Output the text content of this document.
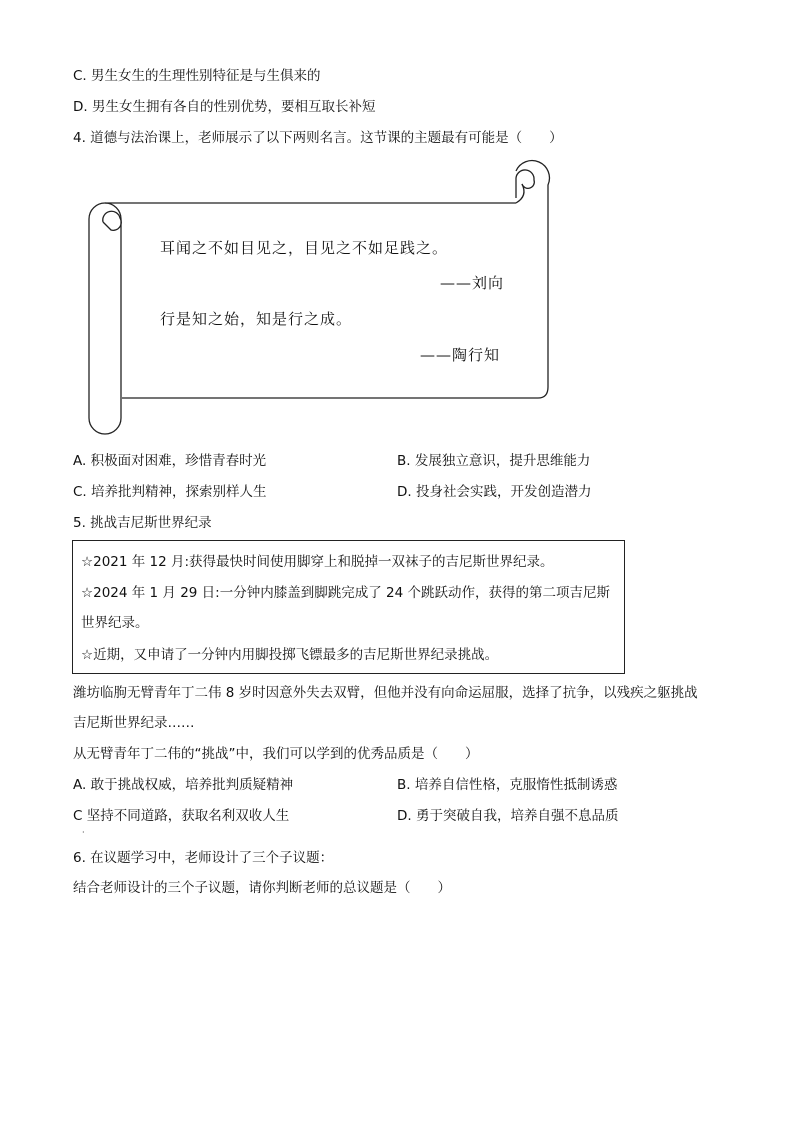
C. 男生女生的生理性别特征是与生俱来的
D. 男生女生拥有各自的性别优势，要相互取长补短
4. 道德与法治课上，老师展示了以下两则名言。这节课的主题最有可能是（　　）
耳闻之不如目见之，目见之不如足践之。
——刘向
行是知之始，知是行之成。
——陶行知
A. 积极面对困难，珍惜青春时光	B. 发展独立意识，提升思维能力
C. 培养批判精神，探索别样人生	D. 投身社会实践，开发创造潜力
5. 挑战吉尼斯世界纪录
☆2021 年 12 月:获得最快时间使用脚穿上和脱掉一双袜子的吉尼斯世界纪录。
☆2024 年 1 月 29 日:一分钟内膝盖到脚跳完成了 24 个跳跃动作，获得的第二项吉尼斯
世界纪录。
☆近期，又申请了一分钟内用脚投掷飞镖最多的吉尼斯世界纪录挑战。
潍坊临朐无臂青年丁二伟 8 岁时因意外失去双臂，但他并没有向命运屈服，选择了抗争，以残疾之躯挑战
吉尼斯世界纪录……
从无臂青年丁二伟的“挑战”中，我们可以学到的优秀品质是（　　）
A. 敢于挑战权威，培养批判质疑精神	B. 培养自信性格，克服惰性抵制诱惑
C 坚持不同道路，获取名利双收人生	D. 勇于突破自我，培养自强不息品质
·
6. 在议题学习中，老师设计了三个子议题：
结合老师设计的三个子议题，请你判断老师的总议题是（　　）
